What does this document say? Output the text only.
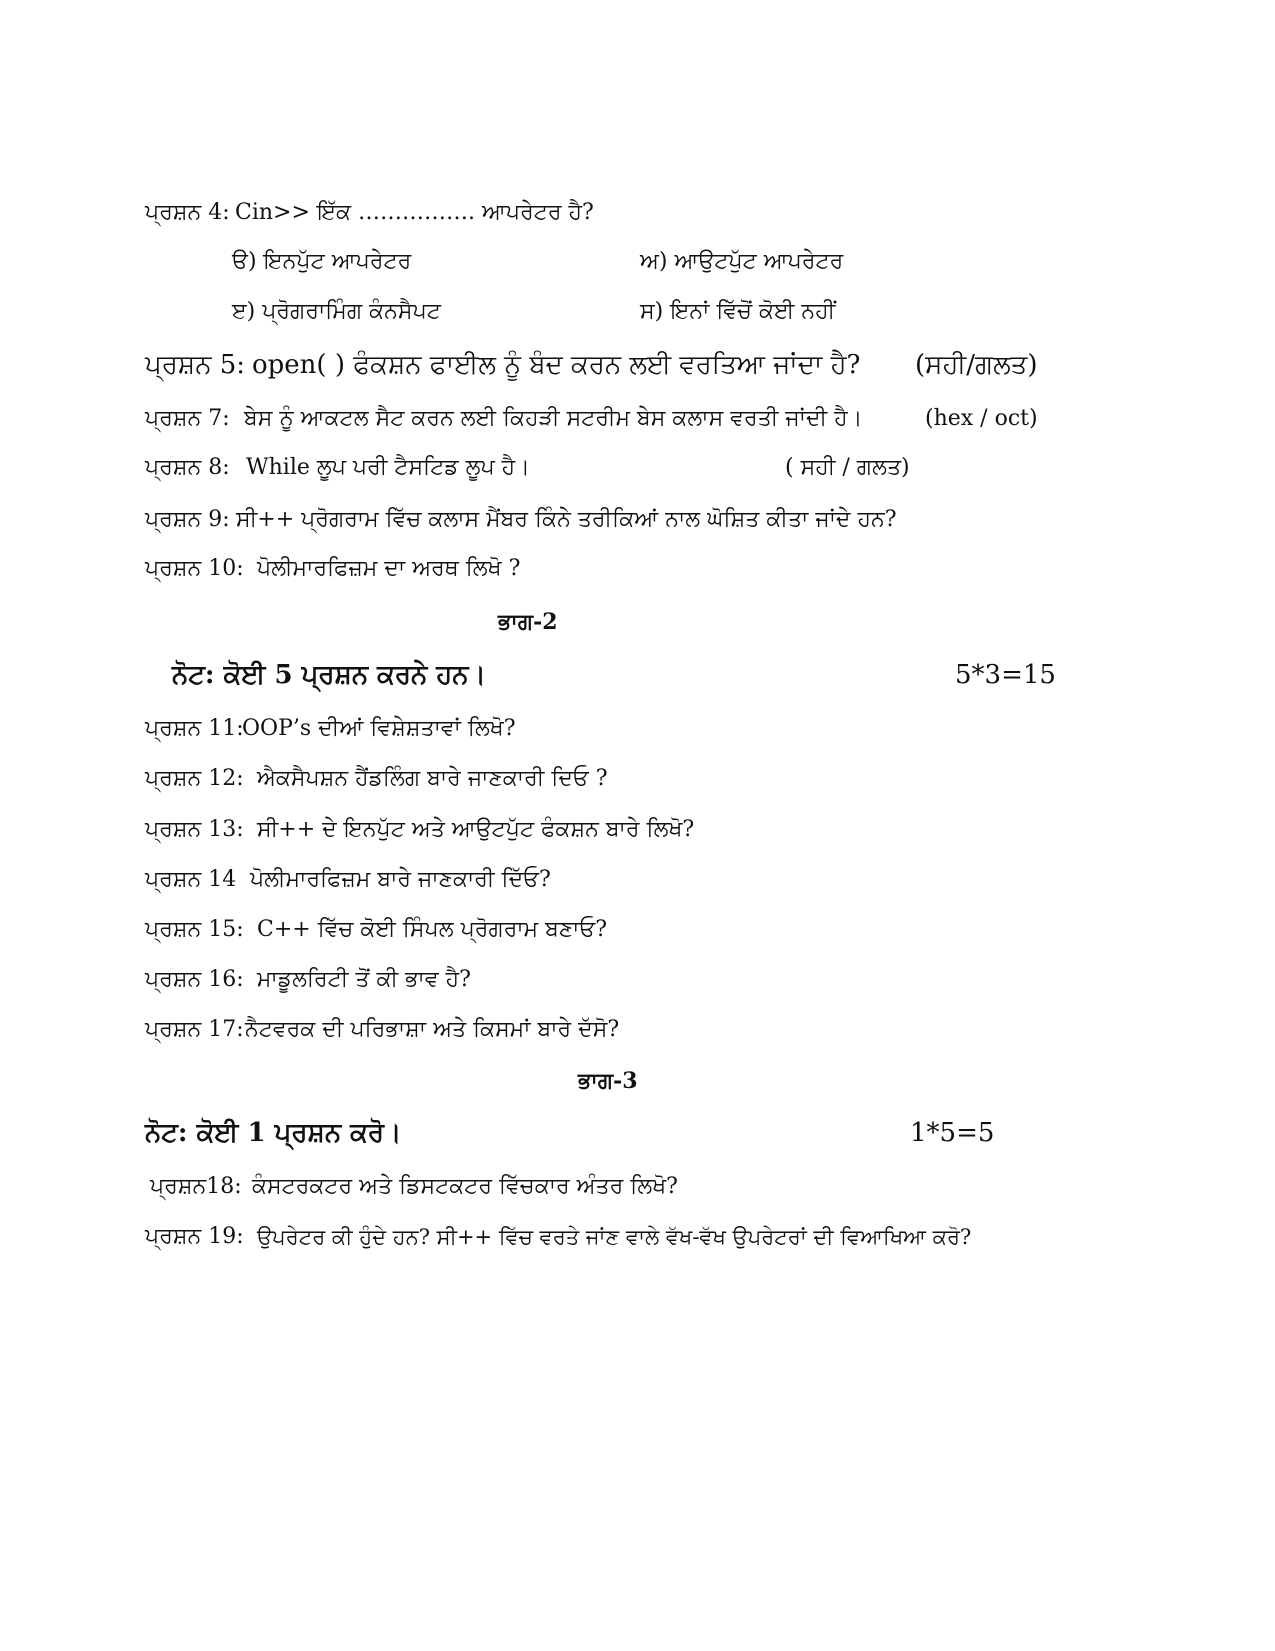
ਪ੍ਰਸ਼ਨ 4: Cin>> ਇੱਕ ……………. ਆਪਰੇਟਰ ਹੈ?
ੳ) ਇਨਪੁੱਟ ਆਪਰੇਟਰ	ਅ) ਆਉਟਪੁੱਟ ਆਪਰੇਟਰ
ੲ) ਪ੍ਰੋਗਰਾਮਿੰਗ ਕੰਨਸੈਪਟ	ਸ) ਇਨਾਂ ਵਿੱਚੋਂ ਕੋਈ ਨਹੀਂ
ਪ੍ਰਸ਼ਨ 5: open( ) ਫੰਕਸ਼ਨ ਫਾਈਲ ਨੂੰ ਬੰਦ ਕਰਨ ਲਈ ਵਰਤਿਆ ਜਾਂਦਾ ਹੈ? (ਸਹੀ/ਗਲਤ)
ਪ੍ਰਸ਼ਨ 7: ਬੇਸ ਨੂੰ ਆਕਟਲ ਸੈਟ ਕਰਨ ਲਈ ਕਿਹੜੀ ਸਟਰੀਮ ਬੇਸ ਕਲਾਸ ਵਰਤੀ ਜਾਂਦੀ ਹੈ।	(hex / oct)
ਪ੍ਰਸ਼ਨ 8: While ਲੂਪ ਪਰੀ ਟੈਸਟਿਡ ਲੂਪ ਹੈ।	( ਸਹੀ / ਗਲਤ)
ਪ੍ਰਸ਼ਨ 9: ਸੀ++ ਪ੍ਰੋਗਰਾਮ ਵਿੱਚ ਕਲਾਸ ਮੈਂਬਰ ਕਿੰਨੇ ਤਰੀਕਿਆਂ ਨਾਲ ਘੋਸ਼ਿਤ ਕੀਤਾ ਜਾਂਦੇ ਹਨ?
ਪ੍ਰਸ਼ਨ 10: ਪੋਲੀਮਾਰਫਿਜ਼ਮ ਦਾ ਅਰਥ ਲਿਖੋ ?
ਭਾਗ-2
ਨੋਟ: ਕੋਈ 5 ਪ੍ਰਸ਼ਨ ਕਰਨੇ ਹਨ।	5*3=15
ਪ੍ਰਸ਼ਨ 11:
OOP’s ਦੀਆਂ ਵਿਸ਼ੇਸ਼ਤਾਵਾਂ ਲਿਖੋ?
ਪ੍ਰਸ਼ਨ 12: ਐਕਸੈਪਸ਼ਨ ਹੈਂਡਲਿੰਗ ਬਾਰੇ ਜਾਣਕਾਰੀ ਦਿਓ ?
ਪ੍ਰਸ਼ਨ 13: ਸੀ++ ਦੇ ਇਨਪੁੱਟ ਅਤੇ ਆਉਟਪੁੱਟ ਫੰਕਸ਼ਨ ਬਾਰੇ ਲਿਖੋ?
ਪ੍ਰਸ਼ਨ 14 ਪੋਲੀਮਾਰਫਿਜ਼ਮ ਬਾਰੇ ਜਾਣਕਾਰੀ ਦਿੱਓ?
ਪ੍ਰਸ਼ਨ 15: C++ ਵਿੱਚ ਕੋਈ ਸਿੰਪਲ ਪ੍ਰੋਗਰਾਮ ਬਣਾਓ?
ਪ੍ਰਸ਼ਨ 16: ਮਾਡੂਲਰਿਟੀ ਤੋਂ ਕੀ ਭਾਵ ਹੈ?
ਪ੍ਰਸ਼ਨ 17: ਨੈਟਵਰਕ ਦੀ ਪਰਿਭਾਸ਼ਾ ਅਤੇ ਕਿਸਮਾਂ ਬਾਰੇ ਦੱਸੋ?
ਭਾਗ-3
ਨੋਟ: ਕੋਈ 1 ਪ੍ਰਸ਼ਨ ਕਰੋ।	1*5=5
ਪ੍ਰਸ਼ਨ18: ਕੰਸਟਰਕਟਰ ਅਤੇ ਡਿਸਟਕਟਰ ਵਿੱਚਕਾਰ ਅੰਤਰ ਲਿਖੋ?
ਪ੍ਰਸ਼ਨ 19: ਉਪਰੇਟਰ ਕੀ ਹੁੰਦੇ ਹਨ? ਸੀ++ ਵਿੱਚ ਵਰਤੇ ਜਾਂਣ ਵਾਲੇ ਵੱਖ-ਵੱਖ ਉਪਰੇਟਰਾਂ ਦੀ ਵਿਆਖਿਆ ਕਰੋ?
